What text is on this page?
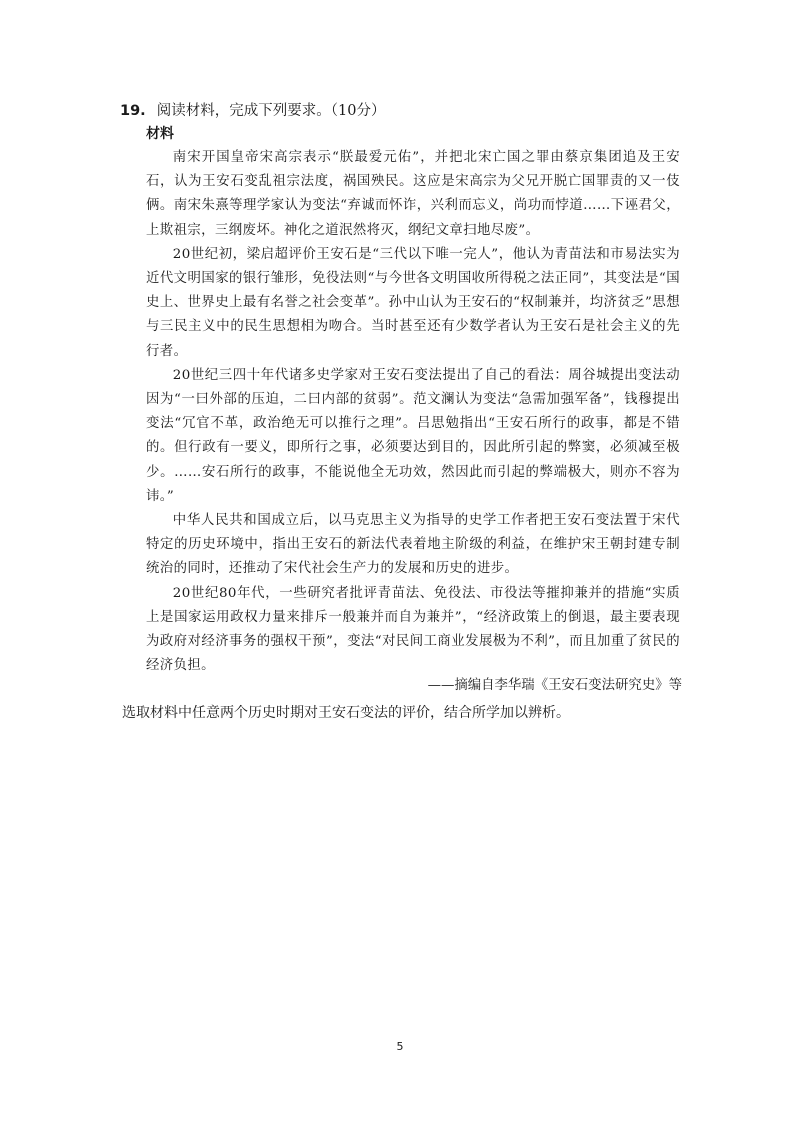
19. 阅读材料，完成下列要求。（10分）
材料

南宋开国皇帝宋高宗表示“朕最爱元佑”，并把北宋亡国之罪由蔡京集团追及王安石，认为王安石变乱祖宗法度，祸国殃民。这应是宋高宗为父兄开脱亡国罪责的又一伎俩。南宋朱熹等理学家认为变法“弃诚而怀诈，兴利而忘义，尚功而悖道……下诬君父，上欺祖宗，三纲废坏。神化之道泯然将灭，纲纪文章扫地尽废”。

20世纪初，梁启超评价王安石是“三代以下唯一完人”，他认为青苗法和市易法实为近代文明国家的银行雏形，免役法则“与今世各文明国收所得税之法正同”，其变法是“国史上、世界史上最有名誉之社会变革”。孙中山认为王安石的“权制兼并，均济贫乏”思想与三民主义中的民生思想相为吻合。当时甚至还有少数学者认为王安石是社会主义的先行者。

20世纪三四十年代诸多史学家对王安石变法提出了自己的看法：周谷城提出变法动因为“一曰外部的压迫，二曰内部的贫弱”。范文澜认为变法“急需加强军备”，钱穆提出变法“冗官不革，政治绝无可以推行之理”。吕思勉指出“王安石所行的政事，都是不错的。但行政有一要义，即所行之事，必须要达到目的，因此所引起的弊窦，必须减至极少。……安石所行的政事，不能说他全无功效，然因此而引起的弊端极大，则亦不容为讳。”

中华人民共和国成立后，以马克思主义为指导的史学工作者把王安石变法置于宋代特定的历史环境中，指出王安石的新法代表着地主阶级的利益，在维护宋王朝封建专制统治的同时，还推动了宋代社会生产力的发展和历史的进步。

20世纪80年代，一些研究者批评青苗法、免役法、市役法等摧抑兼并的措施“实质上是国家运用政权力量来排斥一般兼并而自为兼并”，“经济政策上的倒退，最主要表现为政府对经济事务的强权干预”，变法“对民间工商业发展极为不利”，而且加重了贫民的经济负担。

——摘编自李华瑞《王安石变法研究史》等
选取材料中任意两个历史时期对王安石变法的评价，结合所学加以辨析。
5
